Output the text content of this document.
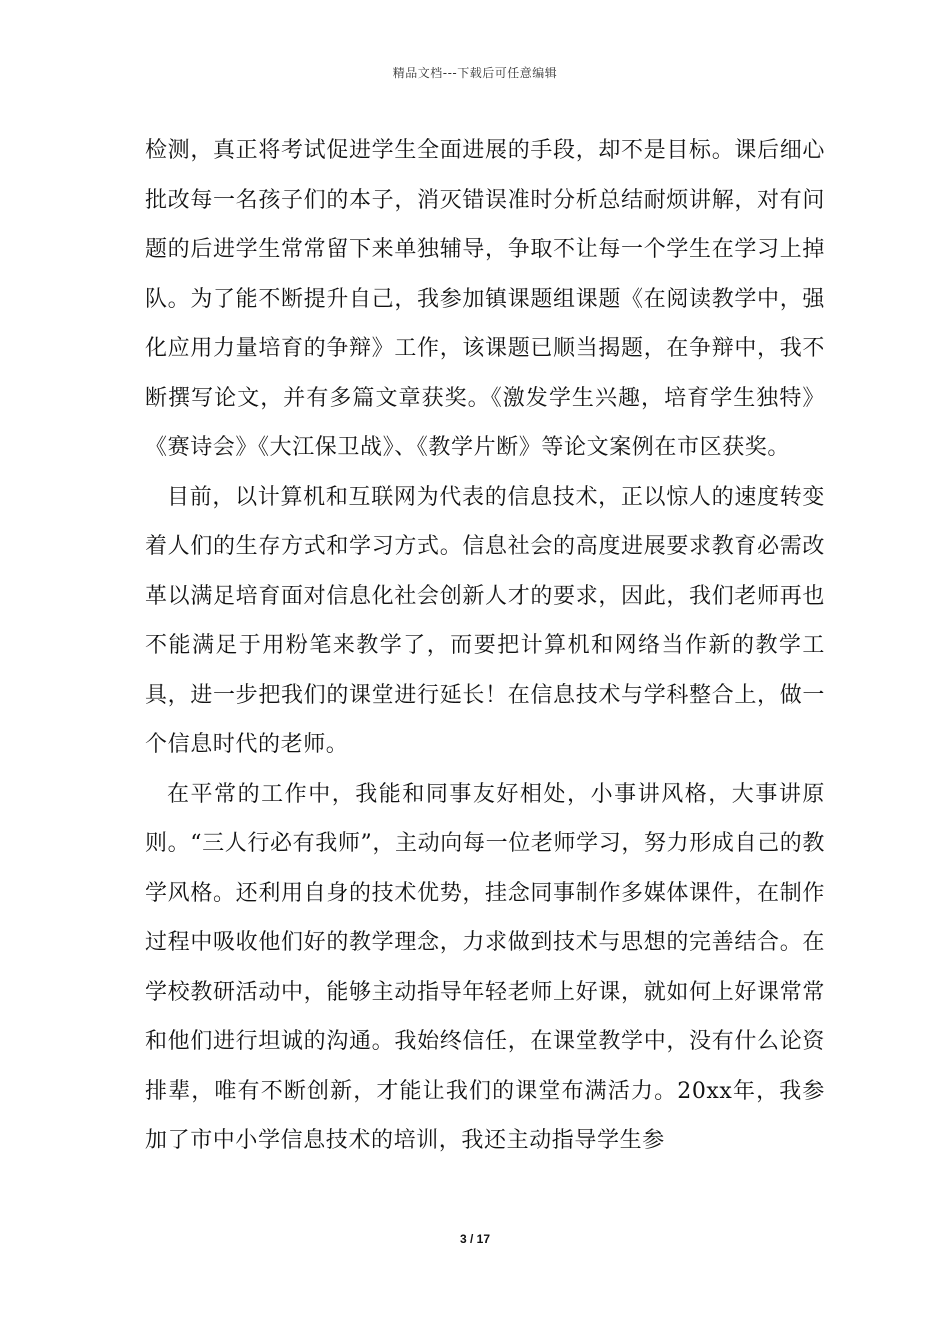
精品文档---下载后可任意编辑

检测，真正将考试促进学生全面进展的手段，却不是目标。课后细心批改每一名孩子们的本子，消灭错误准时分析总结耐烦讲解，对有问题的后进学生常常留下来单独辅导，争取不让每一个学生在学习上掉队。为了能不断提升自己，我参加镇课题组课题《在阅读教学中，强化应用力量培育的争辩》工作，该课题已顺当揭题，在争辩中，我不断撰写论文，并有多篇文章获奖。《激发学生兴趣，培育学生独特》《赛诗会》《大江保卫战》、《教学片断》等论文案例在市区获奖。

目前，以计算机和互联网为代表的信息技术，正以惊人的速度转变着人们的生存方式和学习方式。信息社会的高度进展要求教育必需改革以满足培育面对信息化社会创新人才的要求，因此，我们老师再也不能满足于用粉笔来教学了，而要把计算机和网络当作新的教学工具，进一步把我们的课堂进行延长！在信息技术与学科整合上，做一个信息时代的老师。

在平常的工作中，我能和同事友好相处，小事讲风格，大事讲原则。“三人行必有我师”，主动向每一位老师学习，努力形成自己的教学风格。还利用自身的技术优势，挂念同事制作多媒体课件，在制作过程中吸收他们好的教学理念，力求做到技术与思想的完善结合。在学校教研活动中，能够主动指导年轻老师上好课，就如何上好课常常和他们进行坦诚的沟通。我始终信任，在课堂教学中，没有什么论资排辈，唯有不断创新，才能让我们的课堂布满活力。20xx年，我参加了市中小学信息技术的培训，我还主动指导学生参

3 / 17
